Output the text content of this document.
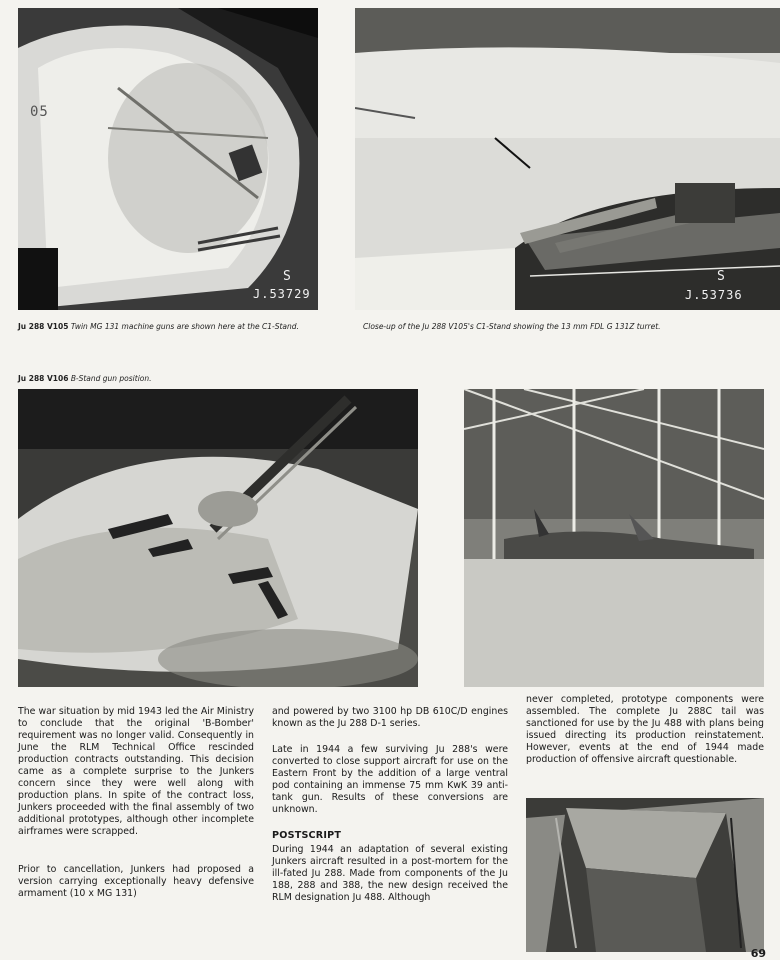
S
J.53729
05
Ju 288 V105 Twin MG 131 machine guns are shown here at the C1-Stand.
S
J.53736
Close-up of the Ju 288 V105's C1-Stand showing the 13 mm FDL G 131Z turret.
Ju 288 V106 B-Stand gun position.

The war situation by mid 1943 led the Air Ministry to conclude that the original 'B-Bomber' requirement was no longer valid. Consequently in June the RLM Technical Office rescinded production contracts outstanding. This decision came as a complete surprise to the Junkers concern since they were well along with production plans. In spite of the contract loss, Junkers proceeded with the final assembly of two additional prototypes, although other incomplete airframes were scrapped.

Prior to cancellation, Junkers had proposed a version carrying exceptionally heavy defensive armament (10 x MG 131)

and powered by two 3100 hp DB 610C/D engines known as the Ju 288 D-1 series.

Late in 1944 a few surviving Ju 288's were converted to close support aircraft for use on the Eastern Front by the addition of a large ventral pod containing an immense 75 mm KwK 39 anti-tank gun. Results of these conversions are unknown.

POSTSCRIPT

During 1944 an adaptation of several existing Junkers aircraft resulted in a post-mortem for the ill-fated Ju 288. Made from components of the Ju 188, 288 and 388, the new design received the RLM designation Ju 488. Although

never completed, prototype components were assembled. The complete Ju 288C tail was sanctioned for use by the Ju 488 with plans being issued directing its production reinstatement. However, events at the end of 1944 made production of offensive aircraft questionable.

69
